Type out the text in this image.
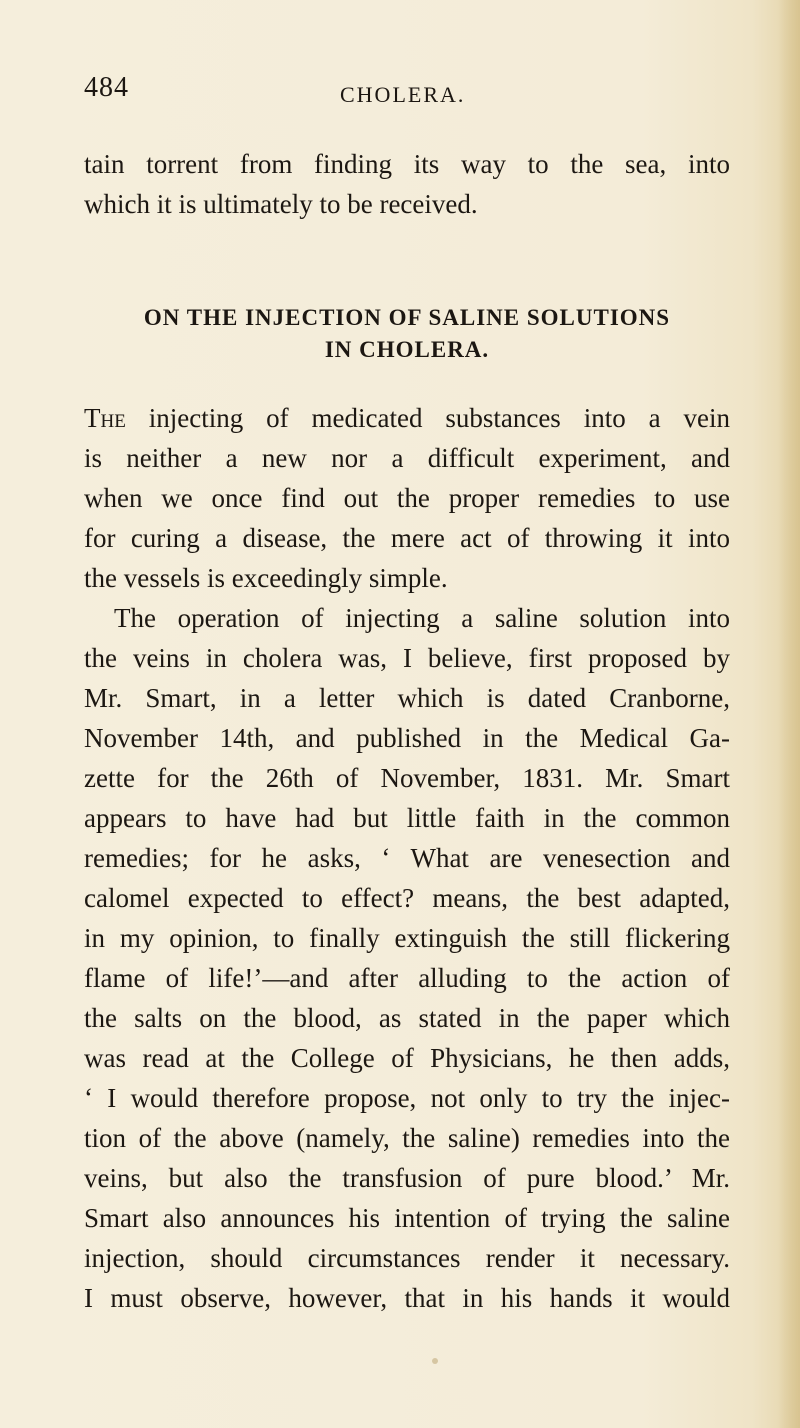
484	CHOLERA.

tain torrent from finding its way to the sea, into
which it is ultimately to be received.
ON THE INJECTION OF SALINE SOLUTIONS
IN CHOLERA.
The injecting of medicated substances into a vein
is neither a new nor a difficult experiment, and
when we once find out the proper remedies to use
for curing a disease, the mere act of throwing it into
the vessels is exceedingly simple.
The operation of injecting a saline solution into
the veins in cholera was, I believe, first proposed by
Mr. Smart, in a letter which is dated Cranborne,
November 14th, and published in the Medical Ga-
zette for the 26th of November, 1831. Mr. Smart
appears to have had but little faith in the common
remedies; for he asks, ‘ What are venesection and
calomel expected to effect? means, the best adapted,
in my opinion, to finally extinguish the still flickering
flame of life!’—and after alluding to the action of
the salts on the blood, as stated in the paper which
was read at the College of Physicians, he then adds,
‘ I would therefore propose, not only to try the injec-
tion of the above (namely, the saline) remedies into the
veins, but also the transfusion of pure blood.’ Mr.
Smart also announces his intention of trying the saline
injection, should circumstances render it necessary.
I must observe, however, that in his hands it would
